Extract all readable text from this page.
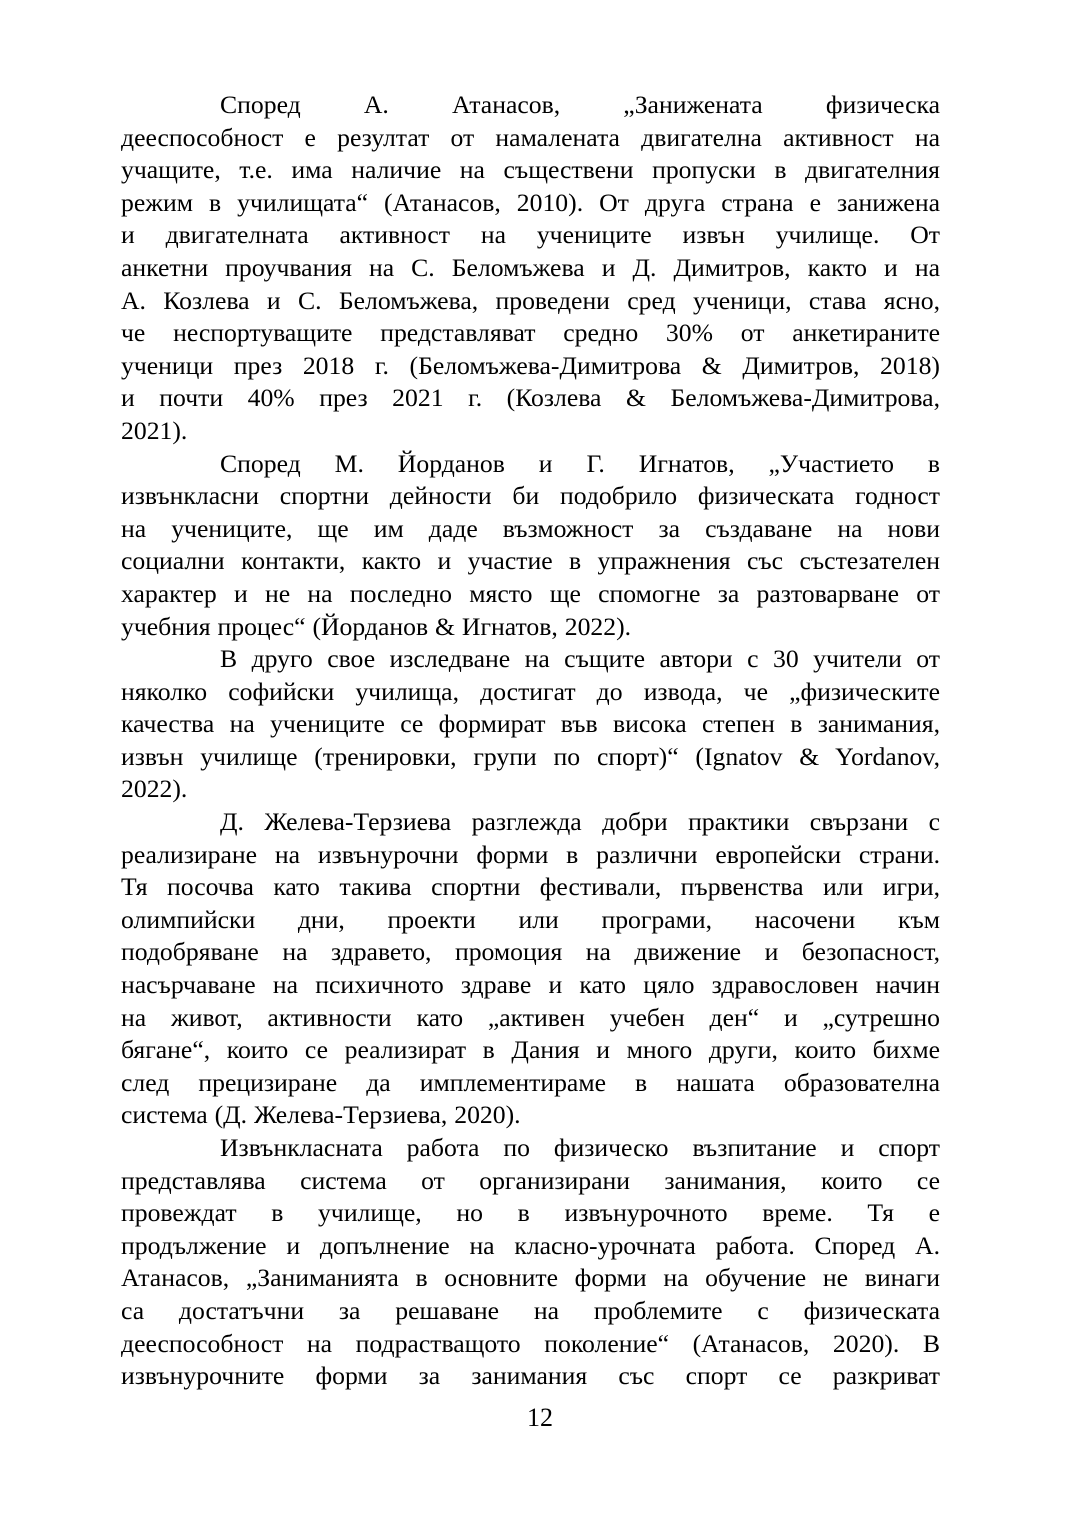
Според А. Атанасов, „Занижената физическа
дееспособност е резултат от намалената двигателна активност на
учащите, т.е. има наличие на съществени пропуски в двигателния
режим в училищата“ (Атанасов, 2010). От друга страна е занижена
и двигателната активност на учениците извън училище. От
анкетни проучвания на С. Беломъжева и Д. Димитров, както и на
А. Козлева и С. Беломъжева, проведени сред ученици, става ясно,
че неспортуващите представляват средно 30% от анкетираните
ученици през 2018 г. (Беломъжева-Димитрова & Димитров, 2018)
и почти 40% през 2021 г. (Козлева & Беломъжева-Димитрова,
2021).
Според М. Йорданов и Г. Игнатов, „Участието в
извънкласни спортни дейности би подобрило физическата годност
на учениците, ще им даде възможност за създаване на нови
социални контакти, както и участие в упражнения със състезателен
характер и не на последно място ще спомогне за разтоварване от
учебния процес“ (Йорданов & Игнатов, 2022).
В друго свое изследване на същите автори с 30 учители от
няколко софийски училища, достигат до извода, че „физическите
качества на учениците се формират във висока степен в занимания,
извън училище (тренировки, групи по спорт)“ (Ignatov & Yordanov,
2022).
Д. Желева-Терзиева разглежда добри практики свързани с
реализиране на извънурочни форми в различни европейски страни.
Тя посочва като такива спортни фестивали, първенства или игри,
олимпийски дни, проекти или програми, насочени към
подобряване на здравето, промоция на движение и безопасност,
насърчаване на психичното здраве и като цяло здравословен начин
на живот, активности като „активен учебен ден“ и „сутрешно
бягане“, които се реализират в Дания и много други, които бихме
след прецизиране да имплементираме в нашата образователна
система (Д. Желева-Терзиева, 2020).
Извънкласната работа по физическо възпитание и спорт
представлява система от организирани занимания, които се
провеждат в училище, но в извънурочното време. Тя е
продължение и допълнение на класно-урочната работа. Според А.
Атанасов, „Заниманията в основните форми на обучение не винаги
са достатъчни за решаване на проблемите с физическата
дееспособност на подрастващото поколение“ (Атанасов, 2020). В
извънурочните форми за занимания със спорт се разкриват
12
